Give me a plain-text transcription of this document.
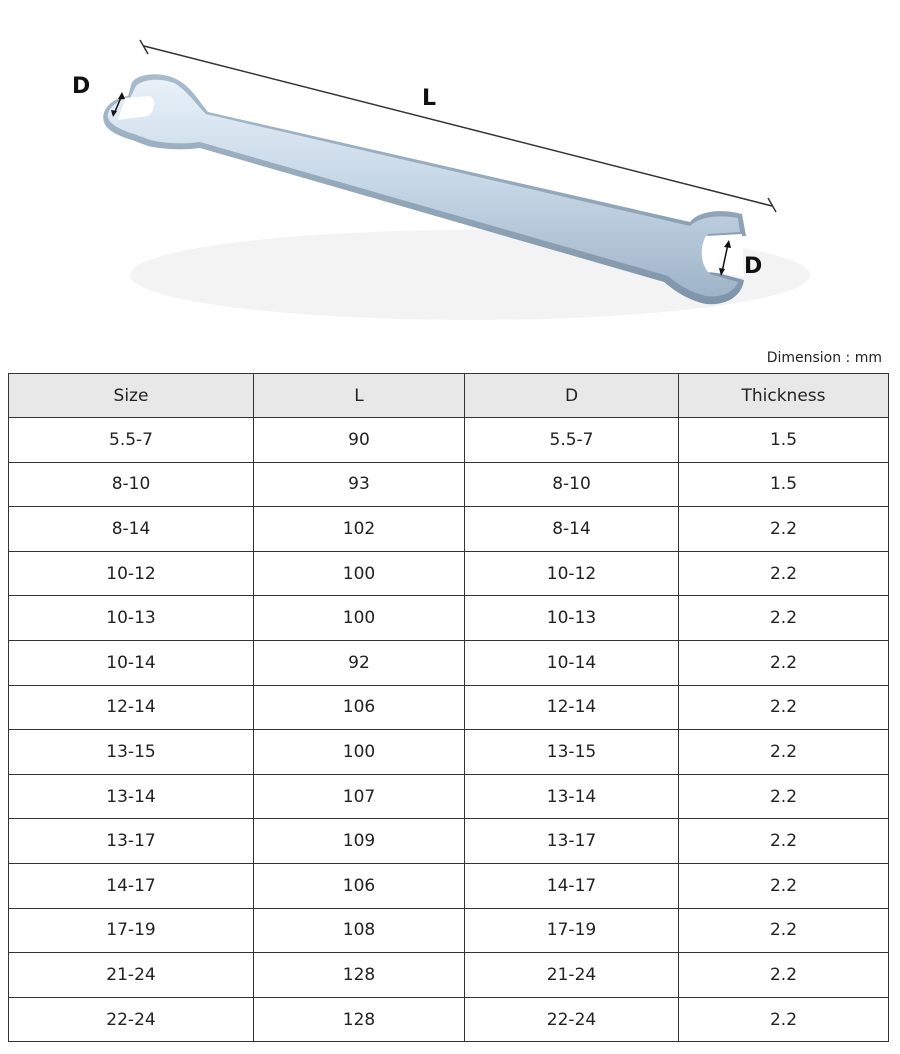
D	L
D
Dimension : mm
Size	L	D	Thickness
5.5-7	90	5.5-7	1.5
8-10	93	8-10	1.5
8-14	102	8-14	2.2
10-12	100	10-12	2.2
10-13	100	10-13	2.2
10-14	92	10-14	2.2
12-14	106	12-14	2.2
13-15	100	13-15	2.2
13-14	107	13-14	2.2
13-17	109	13-17	2.2
14-17	106	14-17	2.2
17-19	108	17-19	2.2
21-24	128	21-24	2.2
22-24	128	22-24	2.2
